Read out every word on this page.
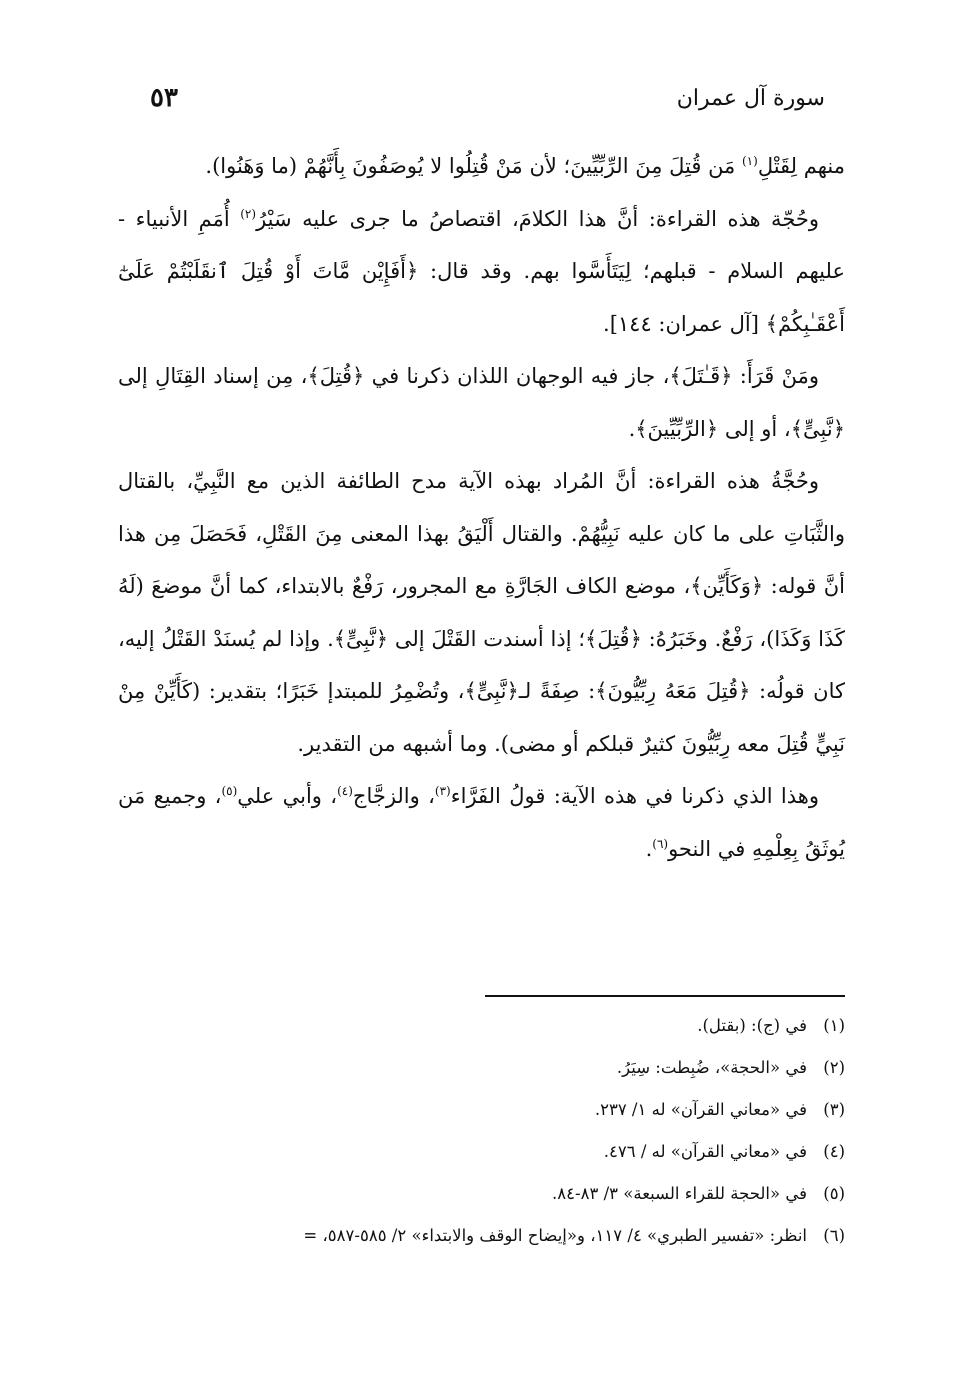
سورة آل عمران
٥٣

منهم لِقَتْلِ$^{(١)}$ مَن قُتِلَ مِنَ الرِّبِّيِّينَ؛ لأن مَنْ قُتِلُوا لا يُوصَفُونَ بِأَنَّهُمْ (ما وَهَنُوا).

وحُجّة هذه القراءة: أنَّ هذا الكلامَ، اقتصاصُ ما جرى عليه سَيْرُ$^{(٢)}$ أُمَمِ الأنبياء - عليهم السلام - قبلهم؛ لِيَتَأَسَّوا بهم. وقد قال: ﴿أَفَإِيْن مَّاتَ أَوْ قُتِلَ ٱنقَلَبْتُمْ عَلَىٰٓ أَعْقَـٰبِكُمْ﴾ [آل عمران: ١٤٤].

ومَنْ قَرَأَ: ﴿قَـٰتَلَ﴾، جاز فيه الوجهان اللذان ذكرنا في ﴿قُتِلَ﴾، مِن إسناد القِتَالِ إلى ﴿نَّبِىٍّ﴾، أو إلى ﴿الرِّبِّيِّينَ﴾.

وحُجَّةُ هذه القراءة: أنَّ المُراد بهذه الآية مدح الطائفة الذين مع النَّبِيِّ، بالقتال والثَّبَاتِ على ما كان عليه نَبِيُّهُمْ. والقتال أَلْيَقُ بهذا المعنى مِنَ القَتْلِ، فَحَصَلَ مِن هذا أنَّ قوله: ﴿وَكَأَيِّن﴾، موضع الكاف الجَارَّةِ مع المجرور، رَفْعٌ بالابتداء، كما أنَّ موضعَ (لَهُ كَذَا وَكَذَا)، رَفْعٌ. وخَبَرُهُ: ﴿قُتِلَ﴾؛ إذا أسندت القَتْلَ إلى ﴿نَّبِىٍّ﴾. وإذا لم يُسنَدْ القَتْلُ إليه، كان قولُه: ﴿قُتِلَ مَعَهُ رِبِّيُّونَ﴾: صِفَةً لـ﴿نَّبِىٍّ﴾، وتُضْمِرُ للمبتدإ خَبَرًا؛ بتقدير: (كَأَيِّنْ مِنْ نَبِيٍّ قُتِلَ معه رِبِّيُّونَ كثيرٌ قبلكم أو مضى). وما أشبهه من التقدير.

وهذا الذي ذكرنا في هذه الآية: قولُ الفَرَّاء$^{(٣)}$، والزجَّاج$^{(٤)}$، وأبي علي$^{(٥)}$، وجميع مَن يُوثَقُ بِعِلْمِهِ في النحو$^{(٦)}$.

(١)في (ج): (بقتل).
(٢)في «الحجة»، ضُبِطت: سِيَرُ.
(٣)في «معاني القرآن» له ١/ ٢٣٧.
(٤)في «معاني القرآن» له / ٤٧٦.
(٥)في «الحجة للقراء السبعة» ٣/ ٨٣-٨٤.
(٦)انظر: «تفسير الطبري» ٤/ ١١٧، و«إيضاح الوقف والابتداء» ٢/ ٥٨٥-٥٨٧، =
